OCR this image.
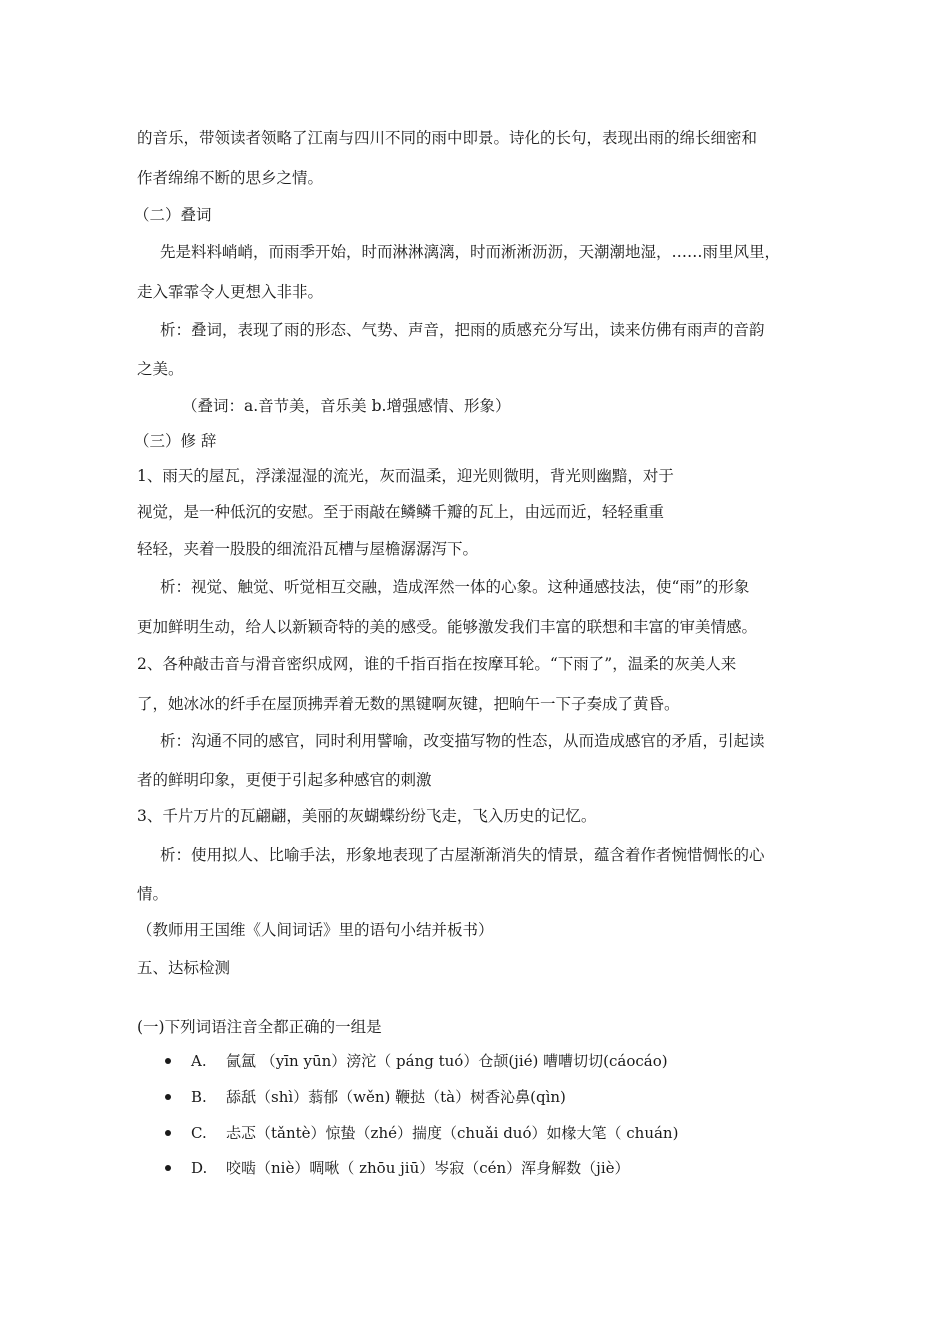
的音乐，带领读者领略了江南与四川不同的雨中即景。诗化的长句，表现出雨的绵长细密和
作者绵绵不断的思乡之情。
（二）叠词
先是料料峭峭，而雨季开始，时而淋淋漓漓，时而淅淅沥沥，天潮潮地湿，……雨里风里，
走入霏霏令人更想入非非。
析：叠词，表现了雨的形态、气势、声音，把雨的质感充分写出，读来仿佛有雨声的音韵
之美。
（叠词：a.音节美，音乐美 b.增强感情、形象）
（三）修 辞
1、雨天的屋瓦，浮漾湿湿的流光，灰而温柔，迎光则微明，背光则幽黯，对于
视觉，是一种低沉的安慰。至于雨敲在鳞鳞千瓣的瓦上，由远而近，轻轻重重
轻轻，夹着一股股的细流沿瓦槽与屋檐潺潺泻下。
析：视觉、触觉、听觉相互交融，造成浑然一体的心象。这种通感技法，使“雨”的形象
更加鲜明生动，给人以新颖奇特的美的感受。能够激发我们丰富的联想和丰富的审美情感。
2、各种敲击音与滑音密织成网，谁的千指百指在按摩耳轮。“下雨了”，温柔的灰美人来
了，她冰冰的纤手在屋顶拂弄着无数的黑键啊灰键，把晌午一下子奏成了黄昏。
析：沟通不同的感官，同时利用譬喻，改变描写物的性态，从而造成感官的矛盾，引起读
者的鲜明印象，更便于引起多种感官的刺激
3、千片万片的瓦翩翩，美丽的灰蝴蝶纷纷飞走，飞入历史的记忆。
析：使用拟人、比喻手法，形象地表现了古屋渐渐消失的情景，蕴含着作者惋惜惆怅的心
情。
（教师用王国维《人间词话》里的语句小结并板书）
五、达标检测
(一)下列词语注音全都正确的一组是
A. 氤氲 （yīn yūn）滂沱（ páng tuó）仓颉(jié) 嘈嘈切切(cáocáo)
B. 舔舐（shì）蓊郁（wěn) 鞭挞（tà）树香沁鼻(qìn)
C. 忐忑（tǎntè）惊蛰（zhé）揣度（chuǎi duó）如椽大笔（ chuán)
D. 咬啮（niè）啁啾（ zhōu jiū）岑寂（cén）浑身解数（jiè）
